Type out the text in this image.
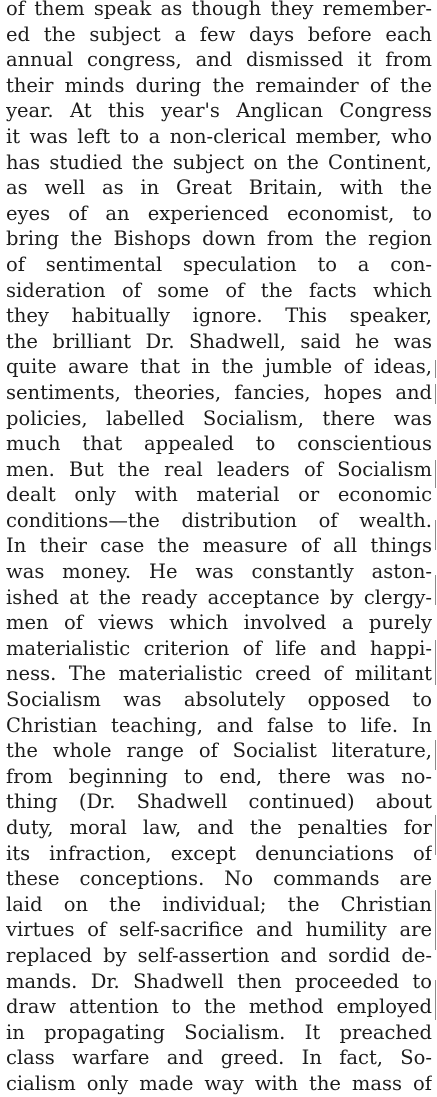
of them speak as though they remember-
ed the subject a few days before each
annual congress, and dismissed it from
their minds during the remainder of the
year. At this year's Anglican Congress
it was left to a non-clerical member, who
has studied the subject on the Continent,
as well as in Great Britain, with the
eyes of an experienced economist, to
bring the Bishops down from the region
of sentimental speculation to a con-
sideration of some of the facts which
they habitually ignore. This speaker,
the brilliant Dr. Shadwell, said he was
quite aware that in the jumble of ideas,
sentiments, theories, fancies, hopes and
policies, labelled Socialism, there was
much that appealed to conscientious
men. But the real leaders of Socialism
dealt only with material or economic
conditions—the distribution of wealth.
In their case the measure of all things
was money. He was constantly aston-
ished at the ready acceptance by clergy-
men of views which involved a purely
materialistic criterion of life and happi-
ness. The materialistic creed of militant
Socialism was absolutely opposed to
Christian teaching, and false to life. In
the whole range of Socialist literature,
from beginning to end, there was no-
thing (Dr. Shadwell continued) about
duty, moral law, and the penalties for
its infraction, except denunciations of
these conceptions. No commands are
laid on the individual; the Christian
virtues of self-sacrifice and humility are
replaced by self-assertion and sordid de-
mands. Dr. Shadwell then proceeded to
draw attention to the method employed
in propagating Socialism. It preached
class warfare and greed. In fact, So-
cialism only made way with the mass of
